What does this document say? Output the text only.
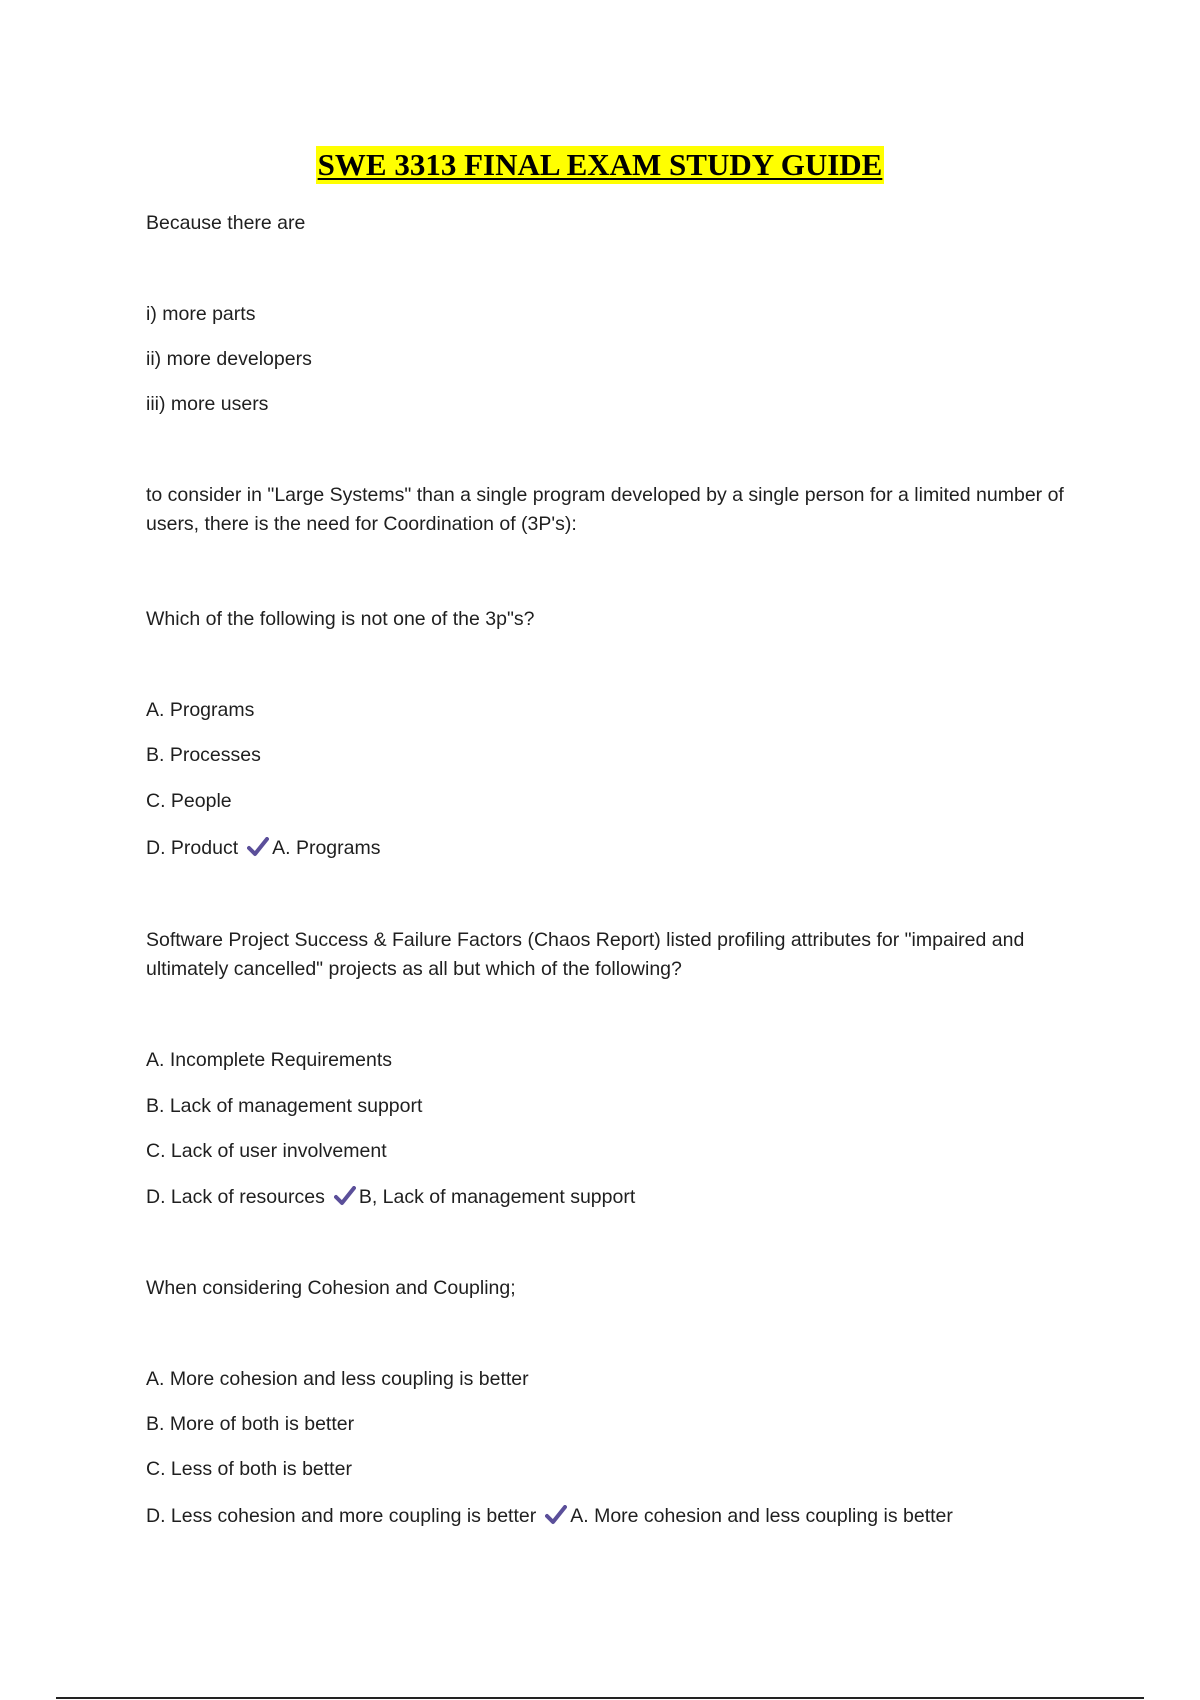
SWE 3313 FINAL EXAM STUDY GUIDE
Because there are
i) more parts
ii) more developers
iii) more users
to consider in "Large Systems" than a single program developed by a single person for a limited number of users, there is the need for Coordination of (3P's):
Which of the following is not one of the 3p"s?
A. Programs
B. Processes
C. People
D. Product A. Programs
Software Project Success & Failure Factors (Chaos Report) listed profiling attributes for "impaired and ultimately cancelled" projects as all but which of the following?
A. Incomplete Requirements
B. Lack of management support
C. Lack of user involvement
D. Lack of resources B, Lack of management support
When considering Cohesion and Coupling;
A. More cohesion and less coupling is better
B. More of both is better
C. Less of both is better
D. Less cohesion and more coupling is better A. More cohesion and less coupling is better
